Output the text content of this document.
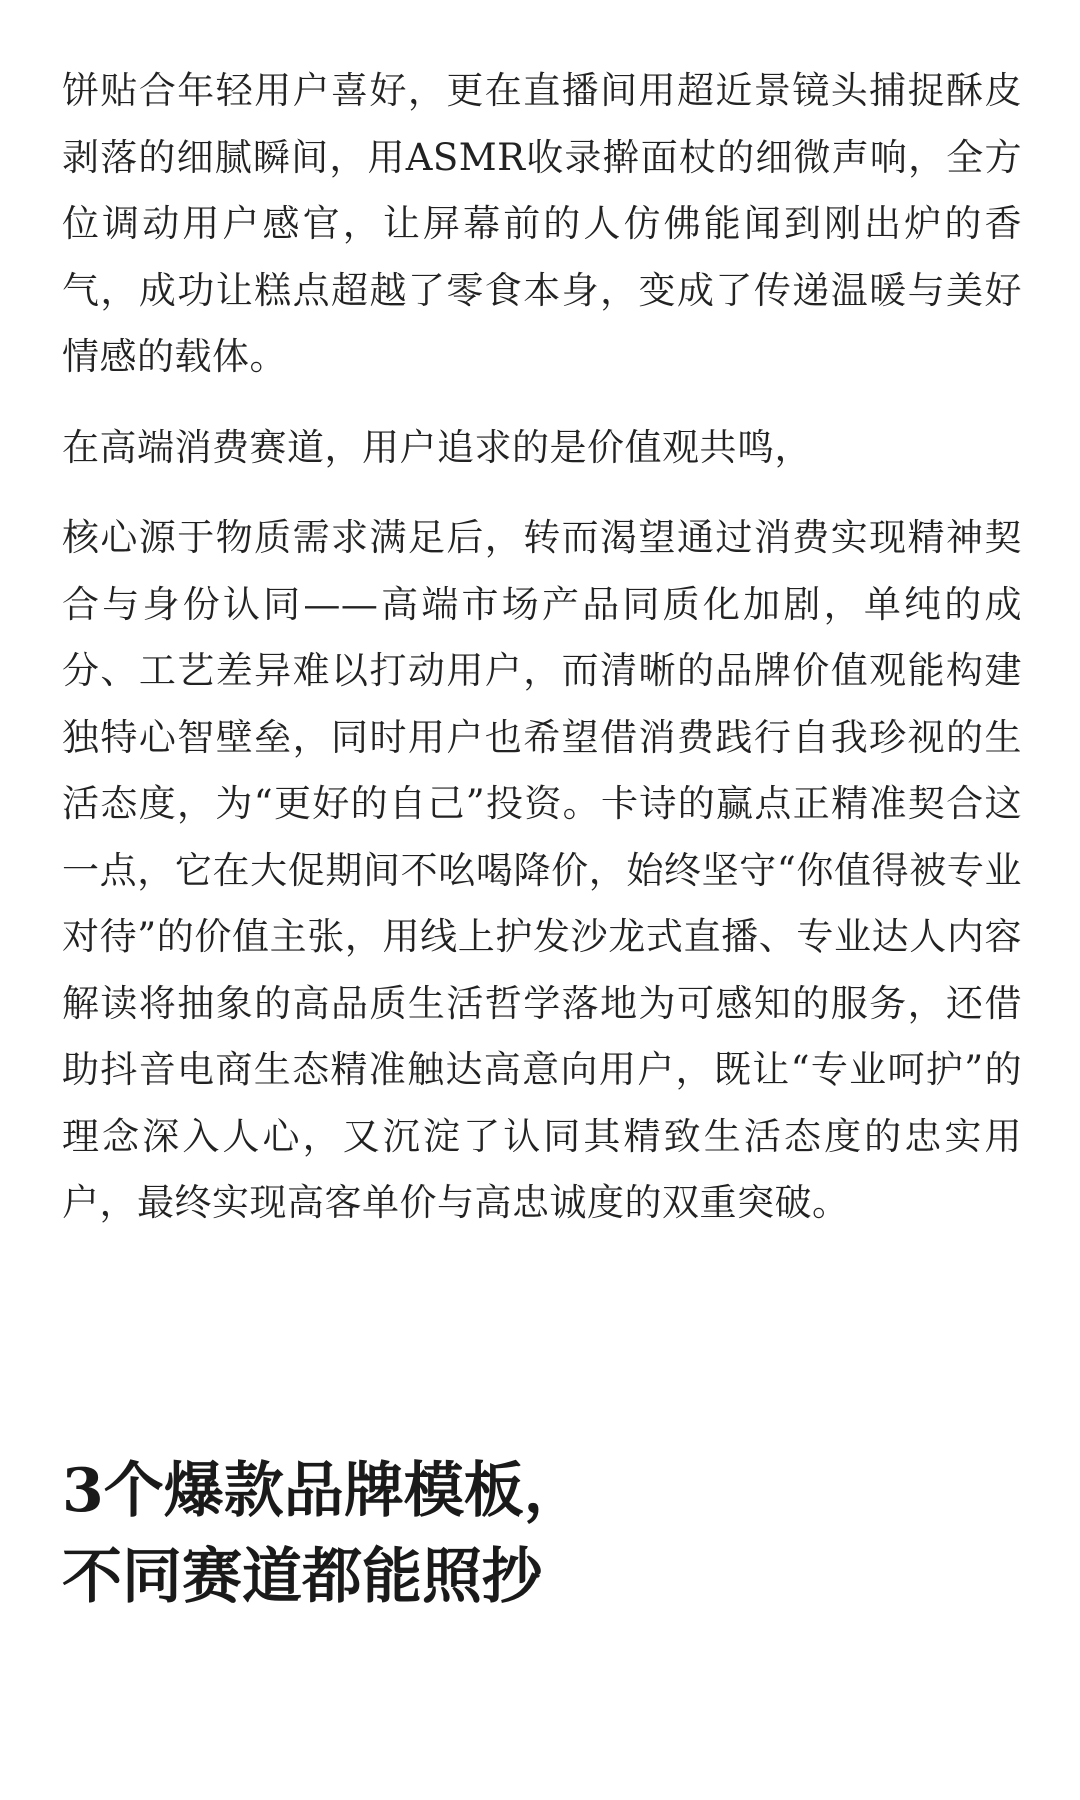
饼贴合年轻用户喜好，更在直播间用超近景镜头捕捉酥皮剥落的细腻瞬间，用ASMR收录擀面杖的细微声响，全方位调动用户感官，让屏幕前的人仿佛能闻到刚出炉的香气，成功让糕点超越了零食本身，变成了传递温暖与美好情感的载体。

在高端消费赛道，用户追求的是价值观共鸣，

核心源于物质需求满足后，转而渴望通过消费实现精神契合与身份认同——高端市场产品同质化加剧，单纯的成分、工艺差异难以打动用户，而清晰的品牌价值观能构建独特心智壁垒，同时用户也希望借消费践行自我珍视的生活态度，为“更好的自己”投资。卡诗的赢点正精准契合这一点，它在大促期间不吆喝降价，始终坚守“你值得被专业对待”的价值主张，用线上护发沙龙式直播、专业达人内容解读将抽象的高品质生活哲学落地为可感知的服务，还借助抖音电商生态精准触达高意向用户，既让“专业呵护”的理念深入人心，又沉淀了认同其精致生活态度的忠实用户，最终实现高客单价与高忠诚度的双重突破。

3个爆款品牌模板，
不同赛道都能照抄
